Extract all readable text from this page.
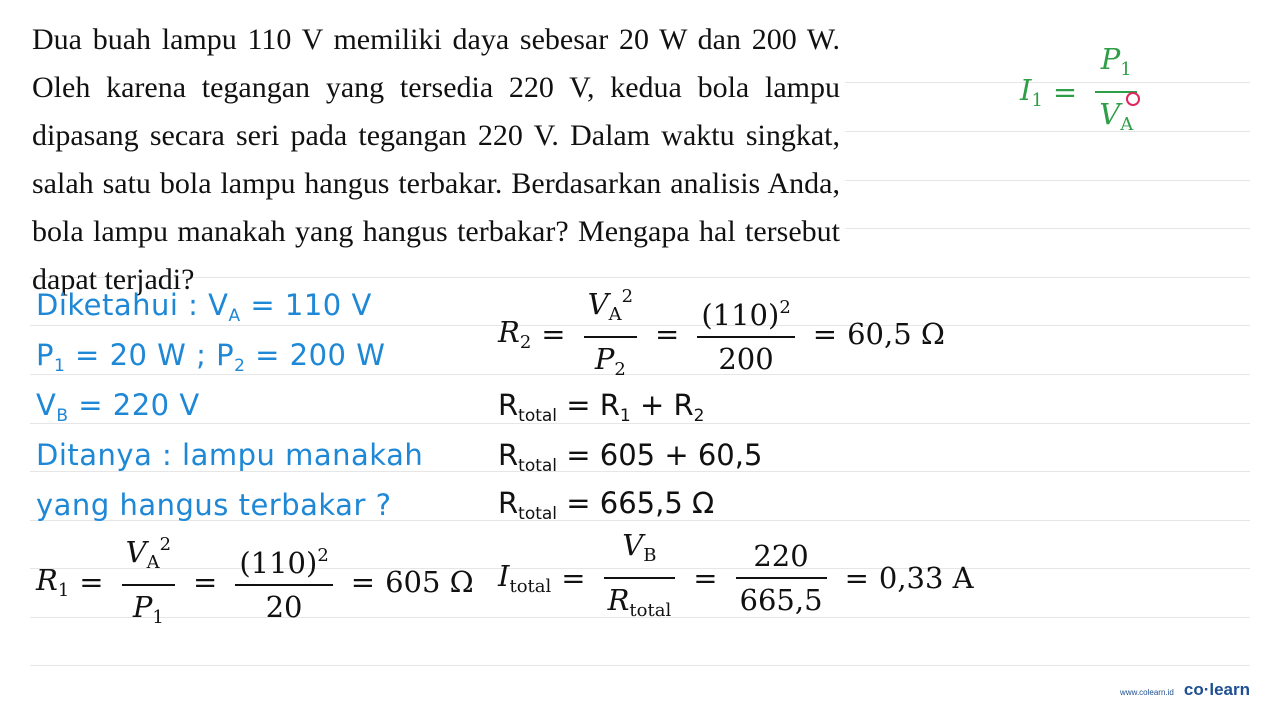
Dua buah lampu 110 V memiliki daya sebesar 20 W dan 200 W. Oleh karena tegangan yang tersedia 220 V, kedua bola lampu dipasang secara seri pada tegangan 220 V. Dalam waktu singkat, salah satu bola lampu hangus terbakar. Berdasarkan analisis Anda, bola lampu manakah yang hangus terbakar? Mengapa hal tersebut dapat terjadi?
$I_1 = \frac{P_1}{V_A}$
Diketahui : $V_A = 110$ V
$P_1 = 20$ W ; $P_2 = 200$ W
$V_B = 220$ V
Ditanya : lampu manakah
yang hangus terbakar ?
$R_2 = \frac{V_A^2}{P_2} = \frac{(110)^2}{200} = 60,5$ Ω
$R_{total} = R_1 + R_2$
$R_{total} = 605 + 60,5$
$R_{total} = 665,5$ Ω
$R_1 = \frac{V_A^2}{P_1} = \frac{(110)^2}{20} = 605$ Ω $I_{total} = \frac{V_B}{R_{total}} = \frac{220}{665,5} = 0,33$ A
www.colearn.id co·learn
